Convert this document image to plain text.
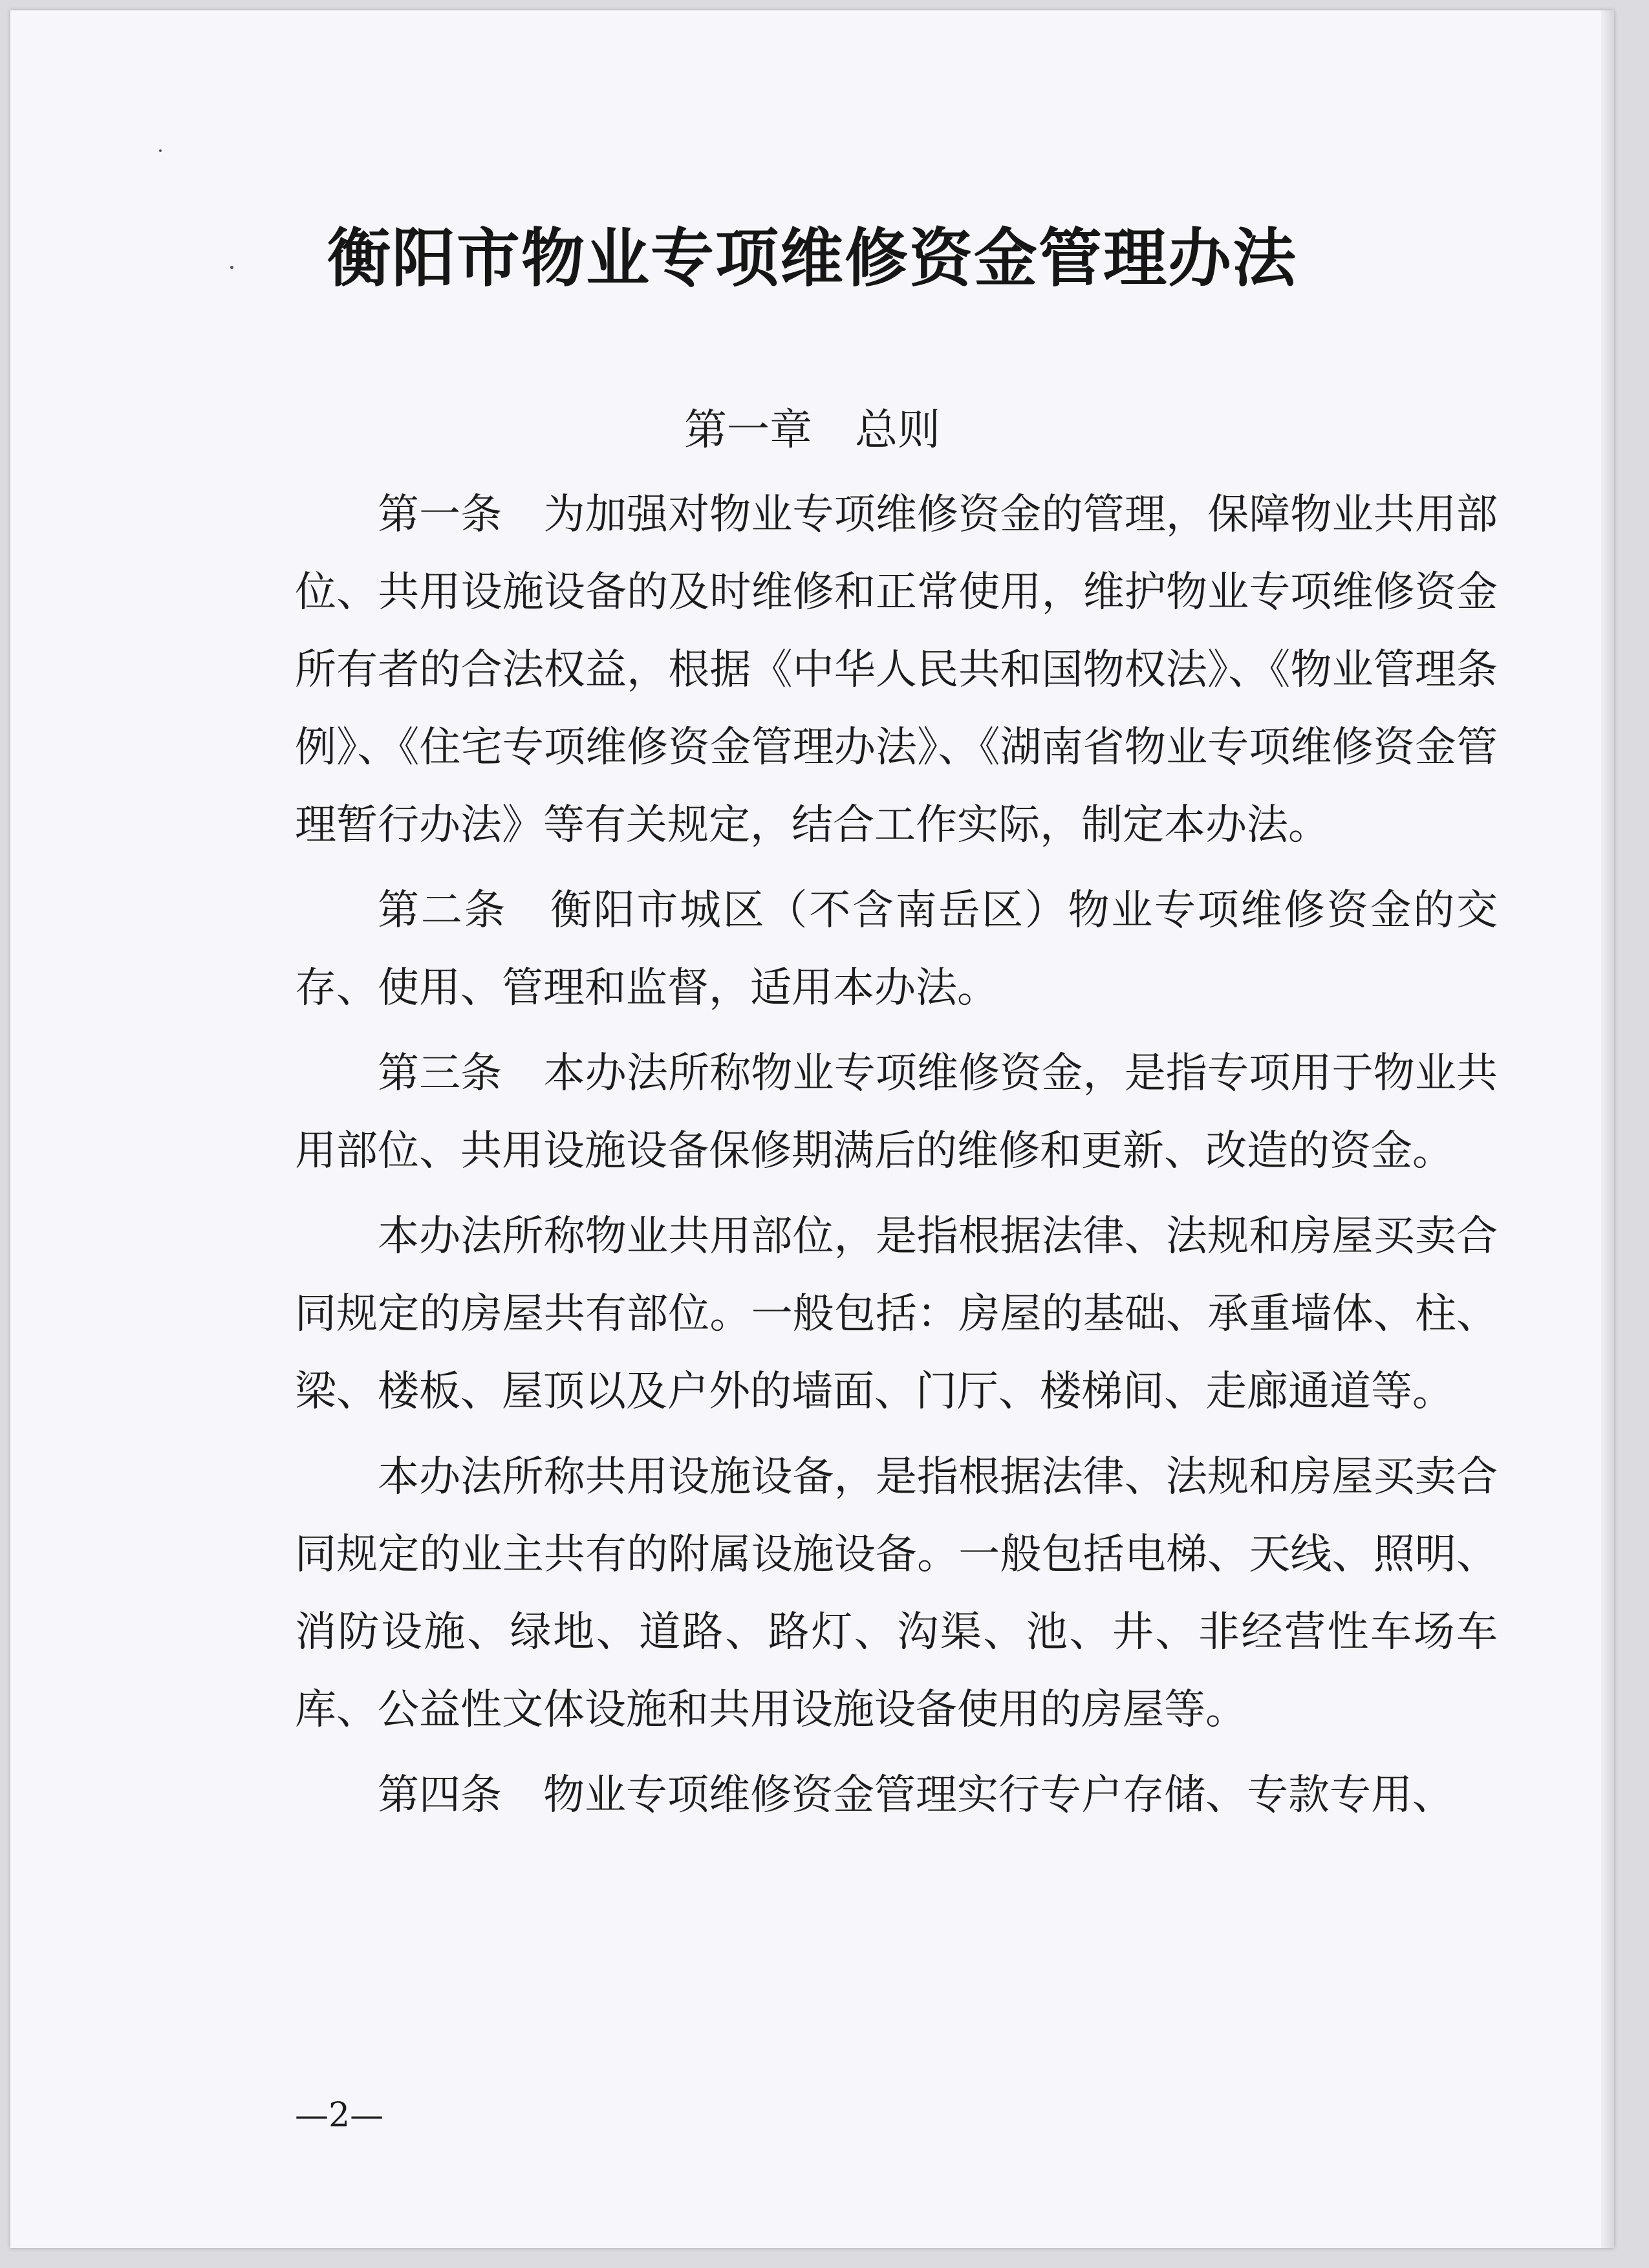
衡阳市物业专项维修资金管理办法
第一章　总则

第一条　为加强对物业专项维修资金的管理，保障物业共用部位、共用设施设备的及时维修和正常使用，维护物业专项维修资金所有者的合法权益，根据《中华人民共和国物权法》、《物业管理条例》、《住宅专项维修资金管理办法》、《湖南省物业专项维修资金管理暂行办法》等有关规定，结合工作实际，制定本办法。

第二条　衡阳市城区（不含南岳区）物业专项维修资金的交存、使用、管理和监督，适用本办法。

第三条　本办法所称物业专项维修资金，是指专项用于物业共用部位、共用设施设备保修期满后的维修和更新、改造的资金。

本办法所称物业共用部位，是指根据法律、法规和房屋买卖合同规定的房屋共有部位。一般包括：房屋的基础、承重墙体、柱、梁、楼板、屋顶以及户外的墙面、门厅、楼梯间、走廊通道等。

本办法所称共用设施设备，是指根据法律、法规和房屋买卖合同规定的业主共有的附属设施设备。一般包括电梯、天线、照明、消防设施、绿地、道路、路灯、沟渠、池、井、非经营性车场车库、公益性文体设施和共用设施设备使用的房屋等。

第四条　物业专项维修资金管理实行专户存储、专款专用、

—2—
